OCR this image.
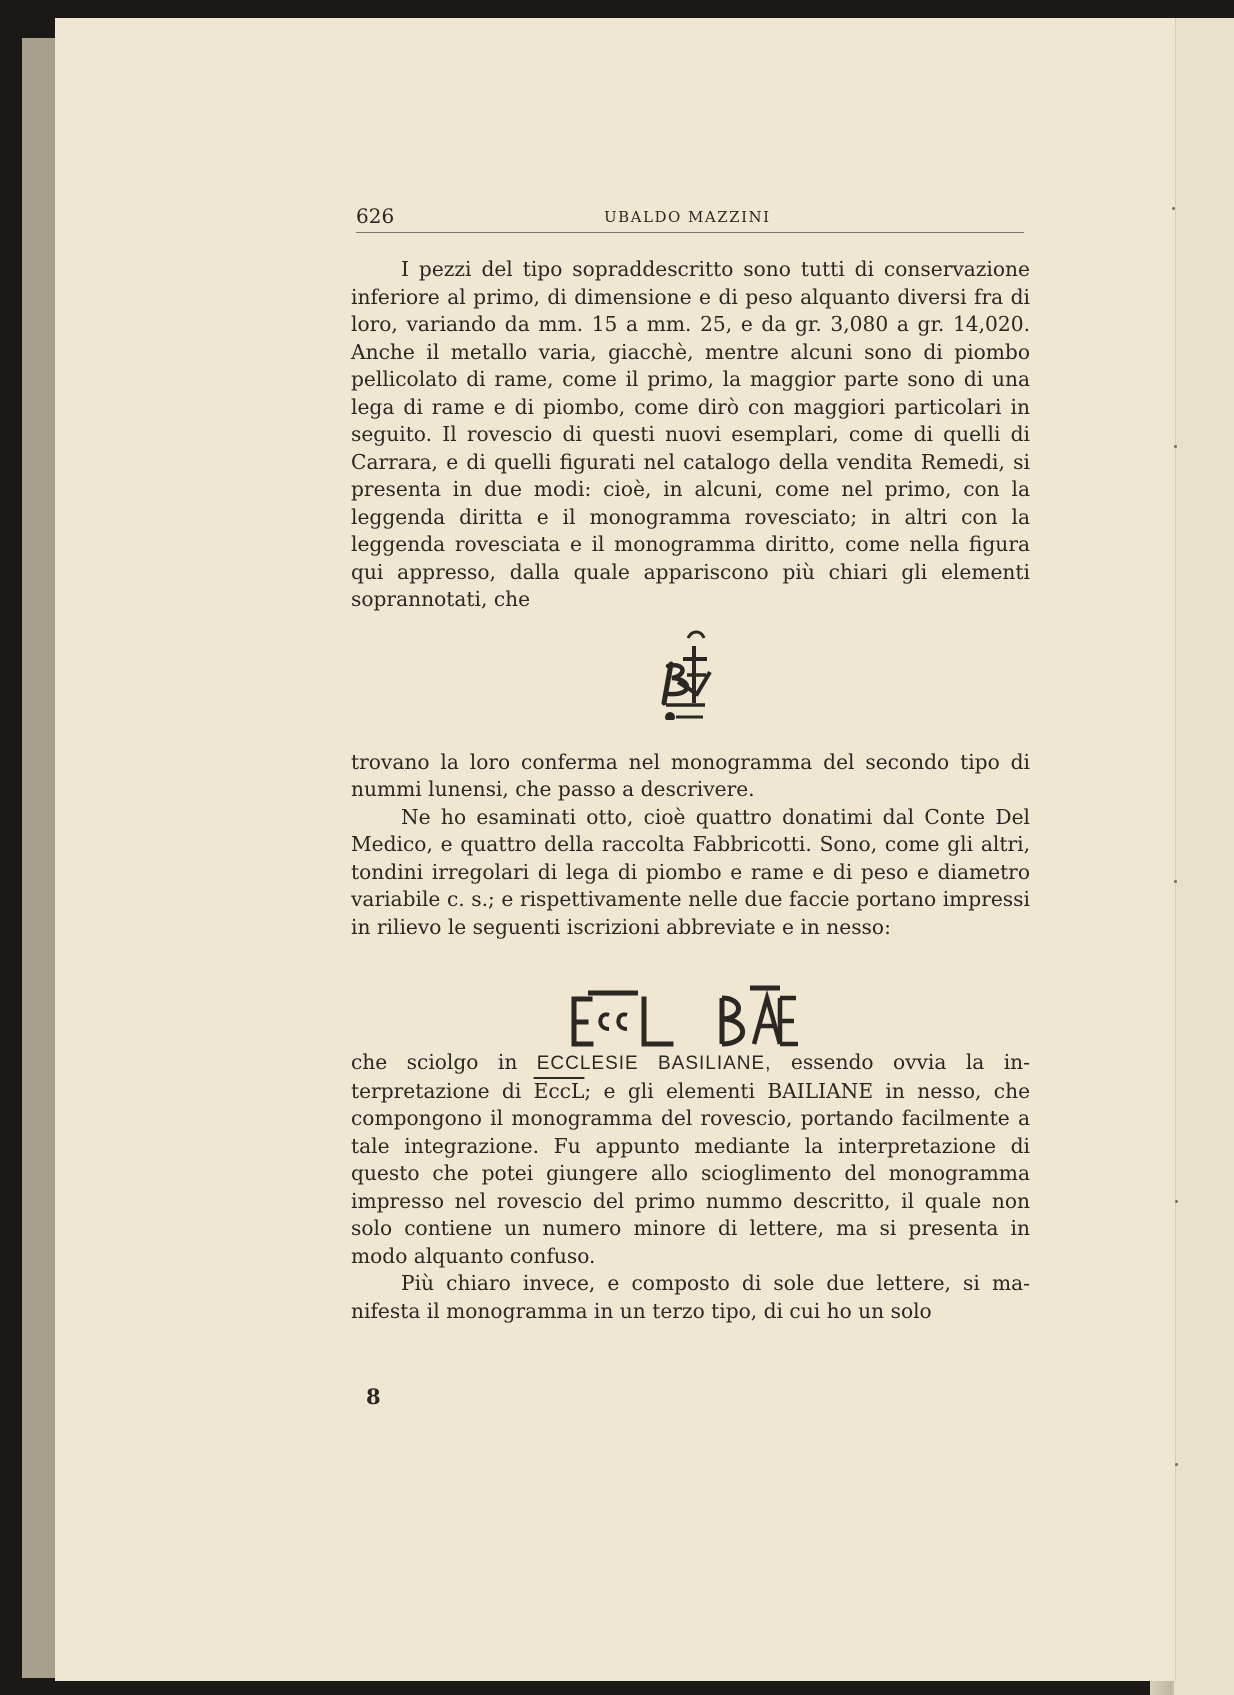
626	UBALDO MAZZINI

I pezzi del tipo sopraddescritto sono tutti di conservazione inferiore al primo, di dimensione e di peso alquanto diversi fra di loro, variando da mm. 15 a mm. 25, e da gr. 3,080 a gr. 14,020. Anche il metallo varia, giacchè, mentre alcuni sono di piombo pellicolato di rame, come il primo, la maggior parte sono di una lega di rame e di piombo, come dirò con maggiori particolari in seguito. Il rovescio di questi nuovi esemplari, come di quelli di Carrara, e di quelli figurati nel catalogo della vendita Remedi, si presenta in due modi: cioè, in alcuni, come nel primo, con la leggenda diritta e il monogramma rovesciato; in altri con la leggenda rovesciata e il monogramma diritto, come nella figura qui appresso, dalla quale appariscono più chiari gli elementi soprannotati, che

trovano la loro conferma nel monogramma del secondo tipo di nummi lunensi, che passo a descrivere.

Ne ho esaminati otto, cioè quattro donatimi dal Conte Del Medico, e quattro della raccolta Fabbricotti. Sono, come gli altri, tondini irregolari di lega di piombo e rame e di peso e diametro variabile c. s.; e rispettivamente nelle due faccie portano impressi in rilievo le seguenti iscrizioni abbreviate e in nesso:

che sciolgo in ECCLESIE BASILIANE, essendo ovvia la interpretazione di EccL; e gli elementi BAILIANE in nesso, che compongono il monogramma del rovescio, portando facilmente a tale integrazione. Fu appunto mediante la interpretazione di questo che potei giungere allo scioglimento del monogramma impresso nel rovescio del primo nummo descritto, il quale non solo contiene un numero minore di lettere, ma si presenta in modo alquanto confuso.

Più chiaro invece, e composto di sole due lettere, si manifesta il monogramma in un terzo tipo, di cui ho un solo

8
